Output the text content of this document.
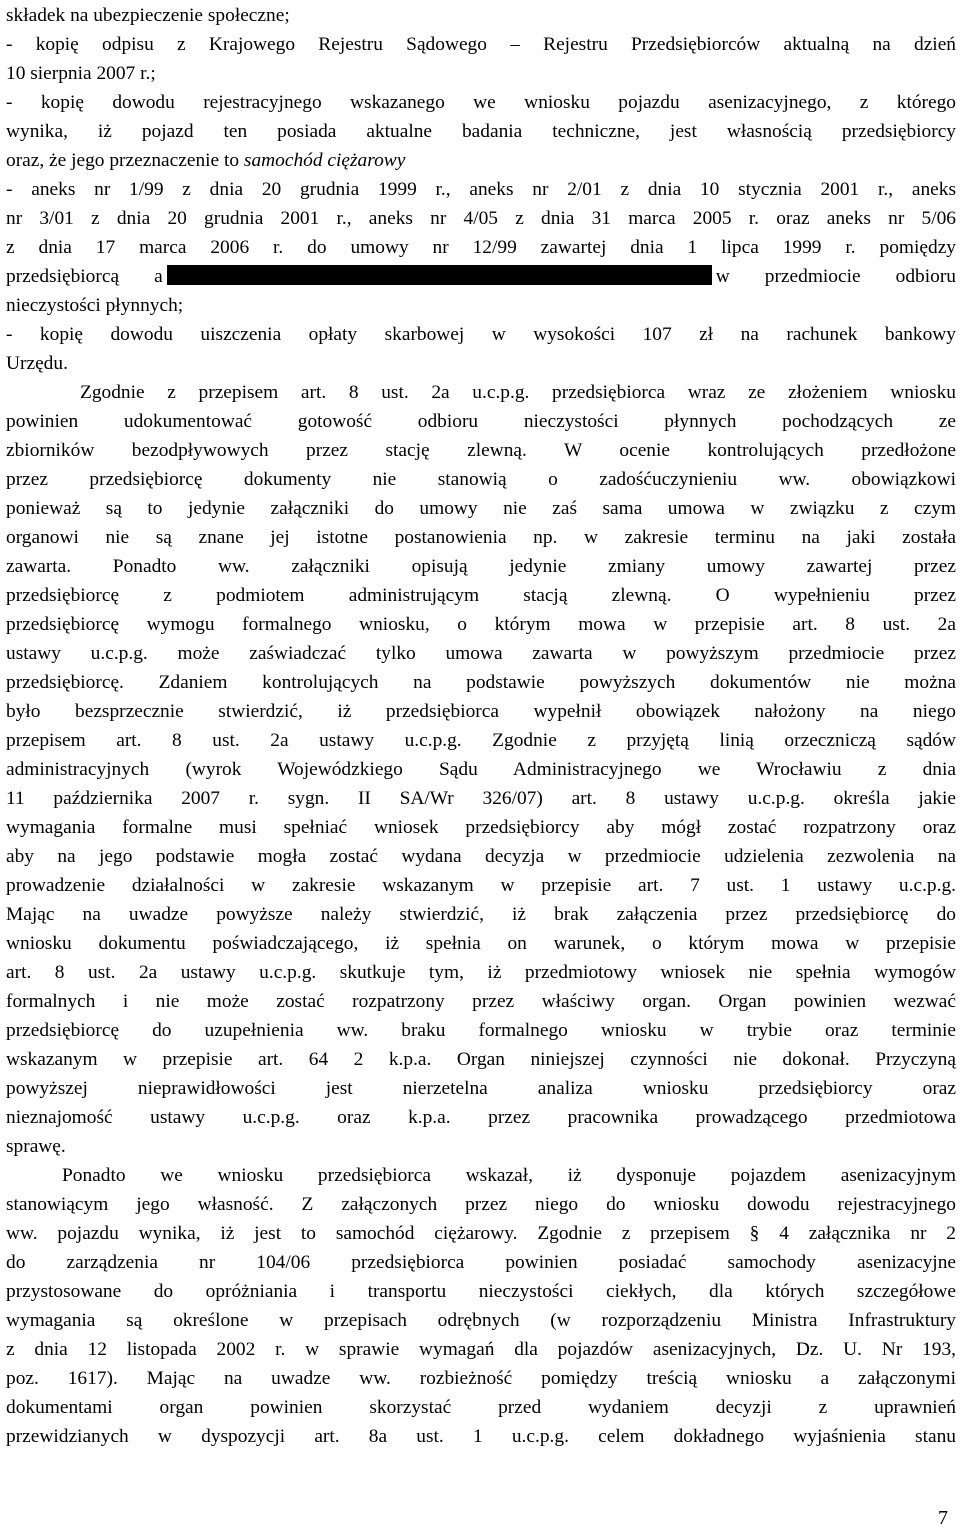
składek na ubezpieczenie społeczne;
- kopię odpisu z Krajowego Rejestru Sądowego – Rejestru Przedsiębiorców aktualną na dzień
10 sierpnia 2007 r.;
- kopię dowodu rejestracyjnego wskazanego we wniosku pojazdu asenizacyjnego, z którego
wynika, iż pojazd ten posiada aktualne badania techniczne, jest własnością przedsiębiorcy
oraz, że jego przeznaczenie to samochód ciężarowy
- aneks nr 1/99 z dnia 20 grudnia 1999 r., aneks nr 2/01 z dnia 10 stycznia 2001 r., aneks
nr 3/01 z dnia 20 grudnia 2001 r., aneks nr 4/05 z dnia 31 marca 2005 r. oraz aneks nr 5/06
z dnia 17 marca 2006 r. do umowy nr 12/99 zawartej dnia 1 lipca 1999 r. pomiędzy
przedsiębiorcą a	w przedmiocie odbioru
nieczystości płynnych;
- kopię dowodu uiszczenia opłaty skarbowej w wysokości 107 zł na rachunek bankowy
Urzędu.
Zgodnie z przepisem art. 8 ust. 2a u.c.p.g. przedsiębiorca wraz ze złożeniem wniosku
powinien udokumentować gotowość odbioru nieczystości płynnych pochodzących ze
zbiorników bezodpływowych przez stację zlewną. W ocenie kontrolujących przedłożone
przez przedsiębiorcę dokumenty nie stanowią o zadośćuczynieniu ww. obowiązkowi
ponieważ są to jedynie załączniki do umowy nie zaś sama umowa w związku z czym
organowi nie są znane jej istotne postanowienia np. w zakresie terminu na jaki została
zawarta. Ponadto ww. załączniki opisują jedynie zmiany umowy zawartej przez
przedsiębiorcę z podmiotem administrującym stacją zlewną. O wypełnieniu przez
przedsiębiorcę wymogu formalnego wniosku, o którym mowa w przepisie art. 8 ust. 2a
ustawy u.c.p.g. może zaświadczać tylko umowa zawarta w powyższym przedmiocie przez
przedsiębiorcę. Zdaniem kontrolujących na podstawie powyższych dokumentów nie można
było bezsprzecznie stwierdzić, iż przedsiębiorca wypełnił obowiązek nałożony na niego
przepisem art. 8 ust. 2a ustawy u.c.p.g. Zgodnie z przyjętą linią orzeczniczą sądów
administracyjnych (wyrok Wojewódzkiego Sądu Administracyjnego we Wrocławiu z dnia
11 października 2007 r. sygn. II SA/Wr 326/07) art. 8 ustawy u.c.p.g. określa jakie
wymagania formalne musi spełniać wniosek przedsiębiorcy aby mógł zostać rozpatrzony oraz
aby na jego podstawie mogła zostać wydana decyzja w przedmiocie udzielenia zezwolenia na
prowadzenie działalności w zakresie wskazanym w przepisie art. 7 ust. 1 ustawy u.c.p.g.
Mając na uwadze powyższe należy stwierdzić, iż brak załączenia przez przedsiębiorcę do
wniosku dokumentu poświadczającego, iż spełnia on warunek, o którym mowa w przepisie
art. 8 ust. 2a ustawy u.c.p.g. skutkuje tym, iż przedmiotowy wniosek nie spełnia wymogów
formalnych i nie może zostać rozpatrzony przez właściwy organ. Organ powinien wezwać
przedsiębiorcę do uzupełnienia ww. braku formalnego wniosku w trybie oraz terminie
wskazanym w przepisie art. 64 2 k.p.a. Organ niniejszej czynności nie dokonał. Przyczyną
powyższej nieprawidłowości jest nierzetelna analiza wniosku przedsiębiorcy oraz
nieznajomość ustawy u.c.p.g. oraz k.p.a. przez pracownika prowadzącego przedmiotowa
sprawę.
Ponadto we wniosku przedsiębiorca wskazał, iż dysponuje pojazdem asenizacyjnym
stanowiącym jego własność. Z załączonych przez niego do wniosku dowodu rejestracyjnego
ww. pojazdu wynika, iż jest to samochód ciężarowy. Zgodnie z przepisem § 4 załącznika nr 2
do zarządzenia nr 104/06 przedsiębiorca powinien posiadać samochody asenizacyjne
przystosowane do opróżniania i transportu nieczystości ciekłych, dla których szczegółowe
wymagania są określone w przepisach odrębnych (w rozporządzeniu Ministra Infrastruktury
z dnia 12 listopada 2002 r. w sprawie wymagań dla pojazdów asenizacyjnych, Dz. U. Nr 193,
poz. 1617). Mając na uwadze ww. rozbieżność pomiędzy treścią wniosku a załączonymi
dokumentami organ powinien skorzystać przed wydaniem decyzji z uprawnień
przewidzianych w dyspozycji art. 8a ust. 1 u.c.p.g. celem dokładnego wyjaśnienia stanu
7
